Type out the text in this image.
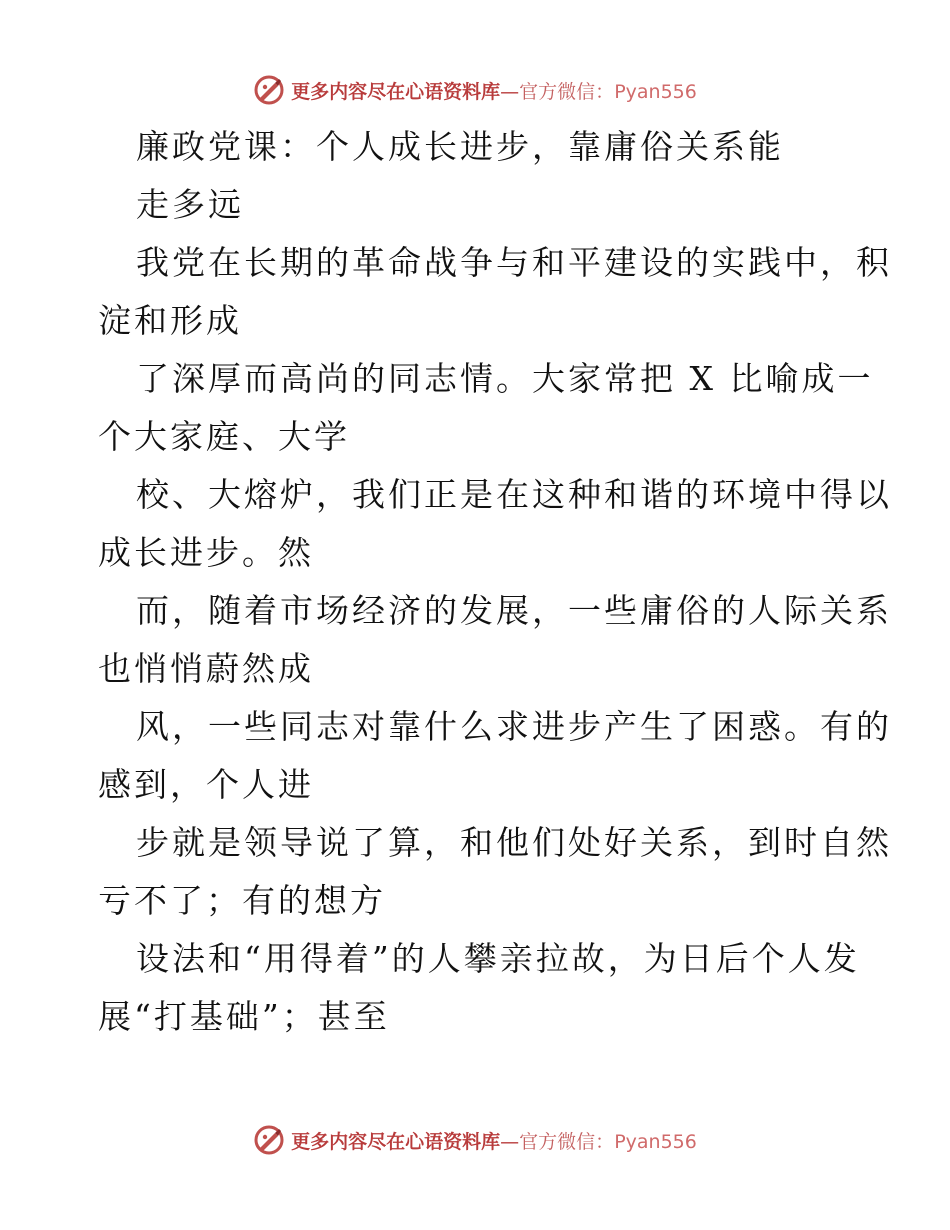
更多内容尽在心语资料库—官方微信：Pyan556
廉政党课：个人成长进步，靠庸俗关系能
走多远
我党在长期的革命战争与和平建设的实践中，积
淀和形成
了深厚而高尚的同志情。大家常把 X 比喻成一
个大家庭、大学
校、大熔炉，我们正是在这种和谐的环境中得以
成长进步。然
而，随着市场经济的发展，一些庸俗的人际关系
也悄悄蔚然成
风，一些同志对靠什么求进步产生了困惑。有的
感到，个人进
步就是领导说了算，和他们处好关系，到时自然
亏不了；有的想方
设法和“用得着”的人攀亲拉故，为日后个人发
展“打基础”；甚至
更多内容尽在心语资料库—官方微信：Pyan556
